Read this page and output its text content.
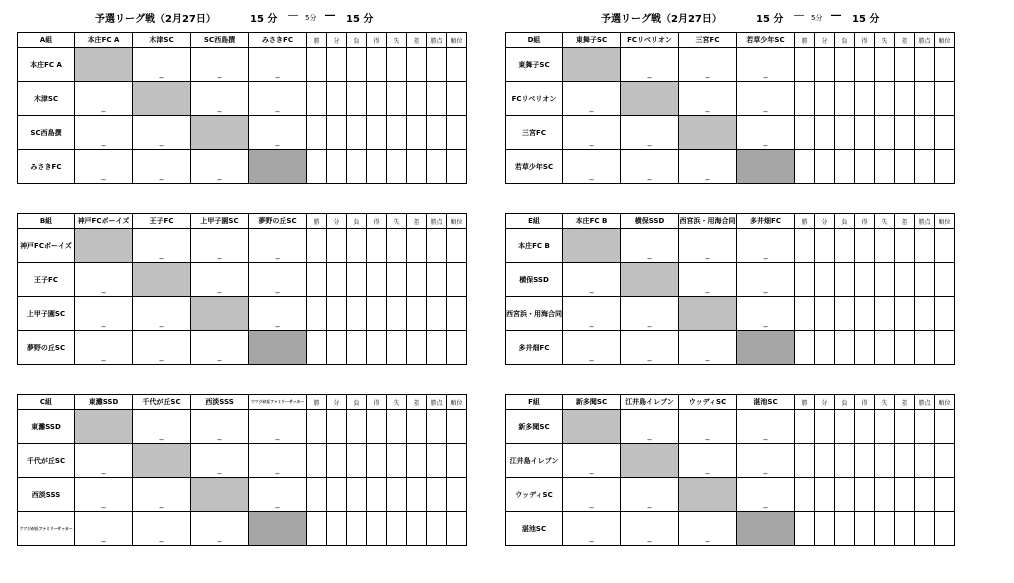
予選リーグ戦（2月27日）	15 分 ― 5分 ― 15 分	予選リーグ戦（2月27日）	15 分 ― 5分 ― 15 分
A組	本庄FC A	木津SC	SC西島撰	みさきFC	勝	分	負	得	失	差	勝点	順位
本庄FC A		_	_	_								

木津SC	_		_	_								

SC西島撰	_	_		_								

みさきFC	_	_	_									

B組	神戸FCボーイズ	王子FC	上甲子園SC	夢野の丘SC	勝	分	負	得	失	差	勝点	順位
神戸FCボーイズ		_	_	_								

王子FC	_		_	_								

上甲子園SC	_	_		_								

夢野の丘SC	_	_	_									

C組	東灘SSD	千代が丘SC	西淡SSS	ツツジが丘ファミリーサッカー	勝	分	負	得	失	差	勝点	順位
東灘SSD		_	_	_								

千代が丘SC	_		_	_								

西淡SSS	_	_		_								

ツツジが丘ファミリーサッカー	_	_	_									

D組	東舞子SC	FCリベリオン	三宮FC	若草少年SC	勝	分	負	得	失	差	勝点	順位
東舞子SC		_	_	_								

FCリベリオン	_		_	_								

三宮FC	_	_		_								

若草少年SC	_	_	_									

E組	本庄FC B	横保SSD	西宮浜・用海合同	多井畑FC	勝	分	負	得	失	差	勝点	順位
本庄FC B		_	_	_								

横保SSD	_		_	_								

西宮浜・用海合同	_	_		_								

多井畑FC	_	_	_									

F組	新多聞SC	江井島イレブン	ウッディSC	湛池SC	勝	分	負	得	失	差	勝点	順位
新多聞SC		_	_	_								

江井島イレブン	_		_	_								

ウッディSC	_	_		_								

湛池SC	_	_	_									
